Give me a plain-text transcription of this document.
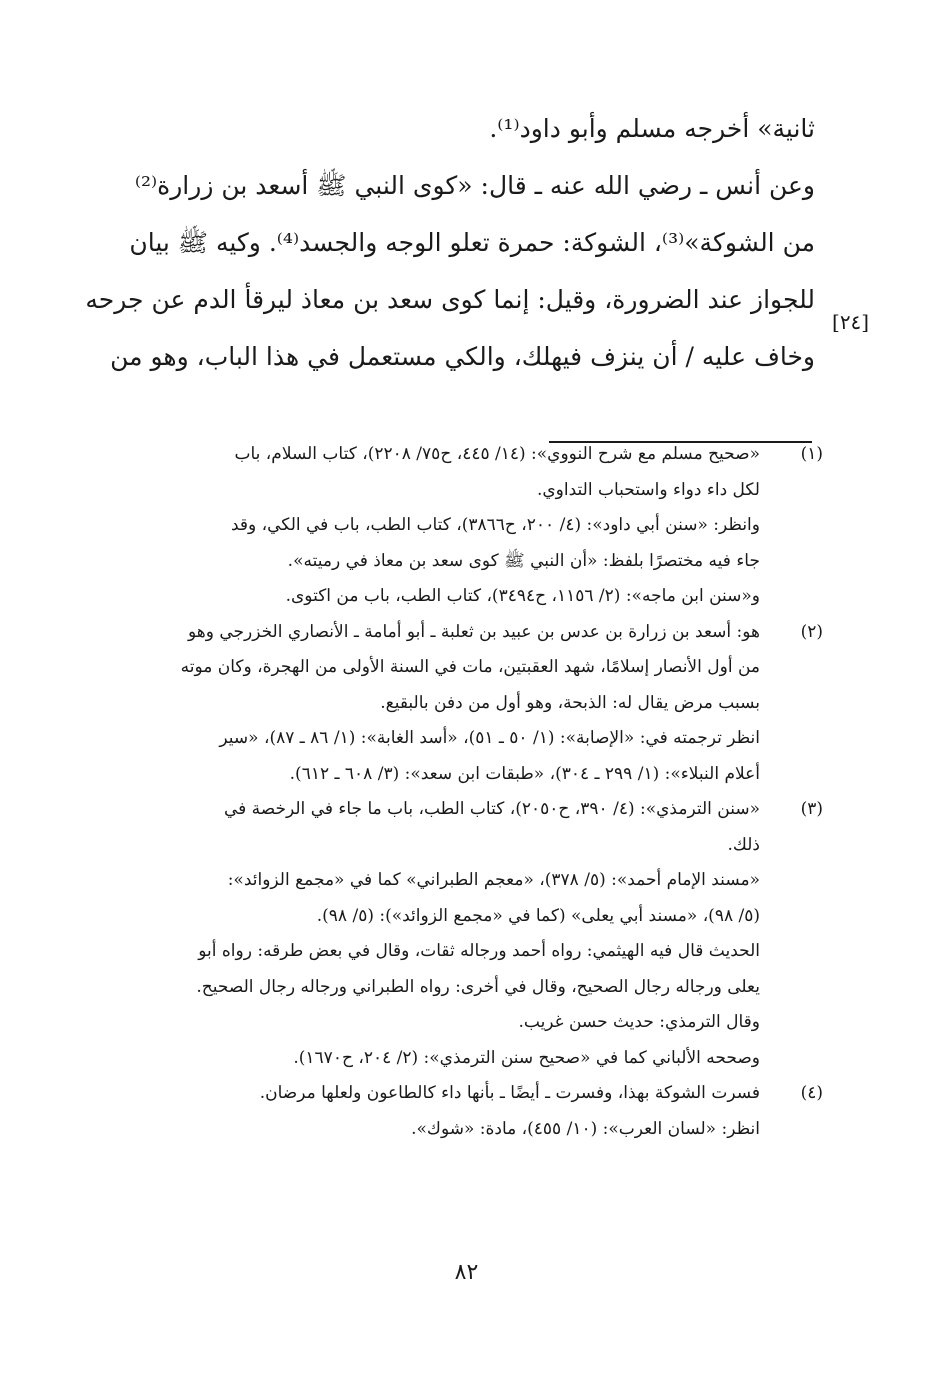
ثانية» أخرجه مسلم وأبو داود⁽¹⁾.
وعن أنس ـ رضي الله عنه ـ قال: «كوى النبي ﷺ أسعد بن زرارة⁽²⁾
من الشوكة»⁽³⁾، الشوكة: حمرة تعلو الوجه والجسد⁽⁴⁾. وكيه ﷺ بيان
للجواز عند الضرورة، وقيل: إنما كوى سعد بن معاذ ليرقأ الدم عن جرحه
وخاف عليه / أن ينزف فيهلك، والكي مستعمل في هذا الباب، وهو من
[٢٤]
(١)
«صحيح مسلم مع شرح النووي»: (١٤/ ٤٤٥، ح٧٥/ ٢٢٠٨)، كتاب السلام، باب
لكل داء دواء واستحباب التداوي.
وانظر: «سنن أبي داود»: (٤/ ٢٠٠، ح٣٨٦٦)، كتاب الطب، باب في الكي، وقد
جاء فيه مختصرًا بلفظ: «أن النبي ﷺ كوى سعد بن معاذ في رميته».
و«سنن ابن ماجه»: (٢/ ١١٥٦، ح٣٤٩٤)، كتاب الطب، باب من اكتوى.
(٢)
هو: أسعد بن زرارة بن عدس بن عبيد بن ثعلبة ـ أبو أمامة ـ الأنصاري الخزرجي وهو
من أول الأنصار إسلامًا، شهد العقبتين، مات في السنة الأولى من الهجرة، وكان موته
بسبب مرض يقال له: الذبحة، وهو أول من دفن بالبقيع.
انظر ترجمته في: «الإصابة»: (١/ ٥٠ ـ ٥١)، «أسد الغابة»: (١/ ٨٦ ـ ٨٧)، «سير
أعلام النبلاء»: (١/ ٢٩٩ ـ ٣٠٤)، «طبقات ابن سعد»: (٣/ ٦٠٨ ـ ٦١٢).
(٣)
«سنن الترمذي»: (٤/ ٣٩٠، ح٢٠٥٠)، كتاب الطب، باب ما جاء في الرخصة في
ذلك.
«مسند الإمام أحمد»: (٥/ ٣٧٨)، «معجم الطبراني» كما في «مجمع الزوائد»:
(٥/ ٩٨)، «مسند أبي يعلى» (كما في «مجمع الزوائد»): (٥/ ٩٨).
الحديث قال فيه الهيثمي: رواه أحمد ورجاله ثقات، وقال في بعض طرقه: رواه أبو
يعلى ورجاله رجال الصحيح، وقال في أخرى: رواه الطبراني ورجاله رجال الصحيح.
وقال الترمذي: حديث حسن غريب.
وصححه الألباني كما في «صحيح سنن الترمذي»: (٢/ ٢٠٤، ح١٦٧٠).
(٤)
فسرت الشوكة بهذا، وفسرت ـ أيضًا ـ بأنها داء كالطاعون ولعلها مرضان.
انظر: «لسان العرب»: (١٠/ ٤٥٥)، مادة: «شوك».
٨٢
